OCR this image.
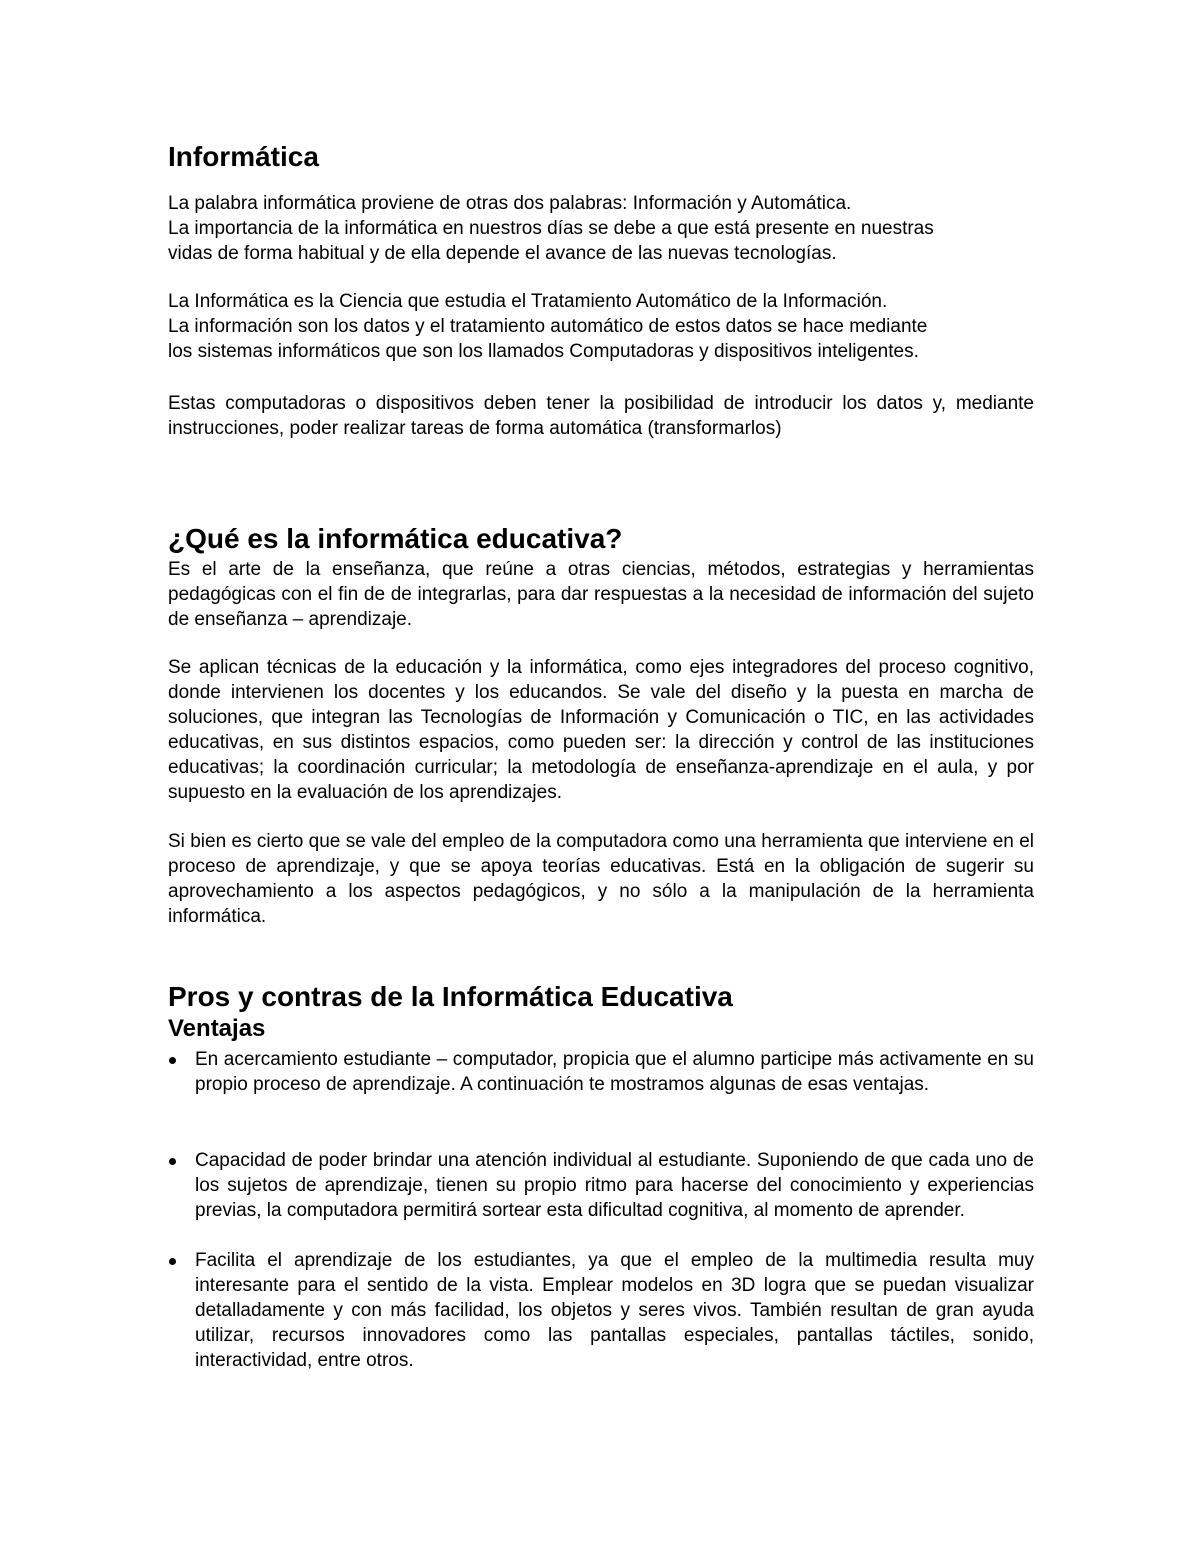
Informática
La palabra informática proviene de otras dos palabras: Información y Automática.
La importancia de la informática en nuestros días se debe a que está presente en nuestras
vidas de forma habitual y de ella depende el avance de las nuevas tecnologías.
La Informática es la Ciencia que estudia el Tratamiento Automático de la Información.
La información son los datos y el tratamiento automático de estos datos se hace mediante
los sistemas informáticos que son los llamados Computadoras y dispositivos inteligentes.

Estas computadoras o dispositivos deben tener la posibilidad de introducir los datos y, mediante instrucciones, poder realizar tareas de forma automática (transformarlos)

¿Qué es la informática educativa?

Es el arte de la enseñanza, que reúne a otras ciencias, métodos, estrategias y herramientas pedagógicas con el fin de de integrarlas, para dar respuestas a la necesidad de información del sujeto de enseñanza – aprendizaje.

Se aplican técnicas de la educación y la informática, como ejes integradores del proceso cognitivo, donde intervienen los docentes y los educandos. Se vale del diseño y la puesta en marcha de soluciones, que integran las Tecnologías de Información y Comunicación o TIC, en las actividades educativas, en sus distintos espacios, como pueden ser: la dirección y control de las instituciones educativas; la coordinación curricular; la metodología de enseñanza-aprendizaje en el aula, y por supuesto en la evaluación de los aprendizajes.

Si bien es cierto que se vale del empleo de la computadora como una herramienta que interviene en el proceso de aprendizaje, y que se apoya teorías educativas. Está en la obligación de sugerir su aprovechamiento a los aspectos pedagógicos, y no sólo a la manipulación de la herramienta informática.

Pros y contras de la Informática Educativa
Ventajas

En acercamiento estudiante – computador, propicia que el alumno participe más activamente en su propio proceso de aprendizaje. A continuación te mostramos algunas de esas ventajas.

Capacidad de poder brindar una atención individual al estudiante. Suponiendo de que cada uno de los sujetos de aprendizaje, tienen su propio ritmo para hacerse del conocimiento y experiencias previas, la computadora permitirá sortear esta dificultad cognitiva, al momento de aprender.

Facilita el aprendizaje de los estudiantes, ya que el empleo de la multimedia resulta muy interesante para el sentido de la vista. Emplear modelos en 3D logra que se puedan visualizar detalladamente y con más facilidad, los objetos y seres vivos. También resultan de gran ayuda utilizar, recursos innovadores como las pantallas especiales, pantallas táctiles, sonido, interactividad, entre otros.
